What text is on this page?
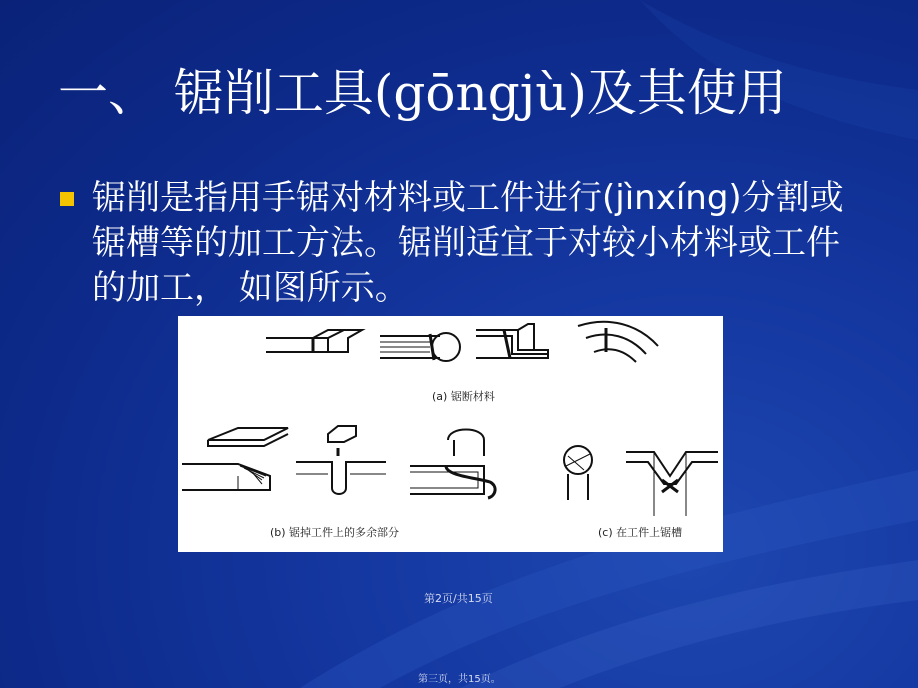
一、 锯削工具(gōngjù)及其使用
锯削是指用手锯对材料或工件进行(jìnxíng)分割或锯槽等的加工方法。锯削适宜于对较小材料或工件的加工， 如图所示。
(a) 锯断材料
(b) 锯掉工件上的多余部分	(c) 在工件上锯槽
第2页/共15页
第三页，共15页。
